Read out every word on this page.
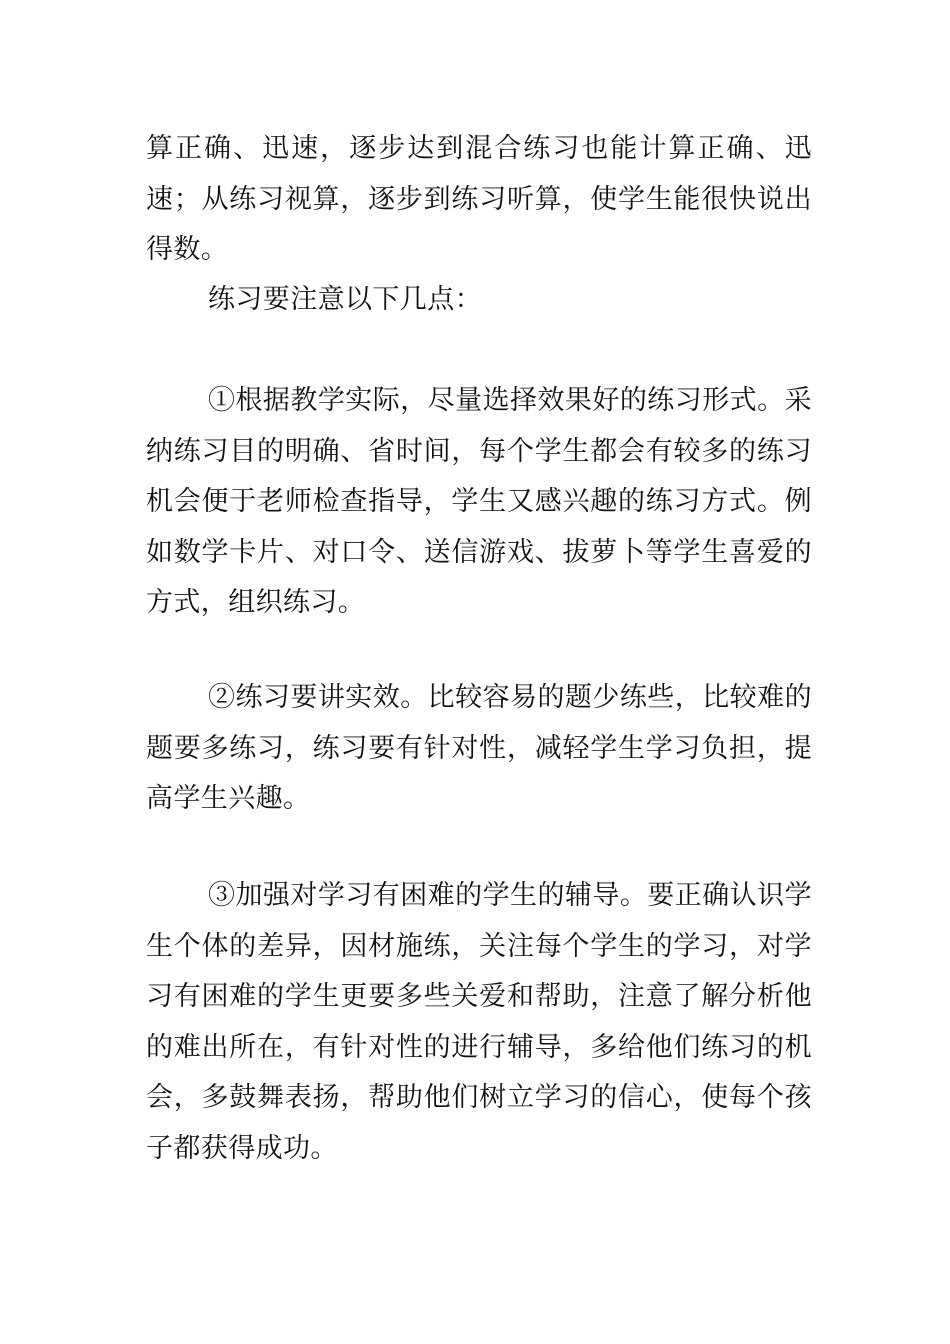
算正确、迅速，逐步达到混合练习也能计算正确、迅速；从练习视算，逐步到练习听算，使学生能很快说出得数。

练习要注意以下几点：

①根据教学实际，尽量选择效果好的练习形式。采纳练习目的明确、省时间，每个学生都会有较多的练习机会便于老师检查指导，学生又感兴趣的练习方式。例如数学卡片、对口令、送信游戏、拔萝卜等学生喜爱的方式，组织练习。

②练习要讲实效。比较容易的题少练些，比较难的题要多练习，练习要有针对性，减轻学生学习负担，提高学生兴趣。

③加强对学习有困难的学生的辅导。要正确认识学生个体的差异，因材施练，关注每个学生的学习，对学习有困难的学生更要多些关爱和帮助，注意了解分析他的难出所在，有针对性的进行辅导，多给他们练习的机会，多鼓舞表扬，帮助他们树立学习的信心，使每个孩子都获得成功。
